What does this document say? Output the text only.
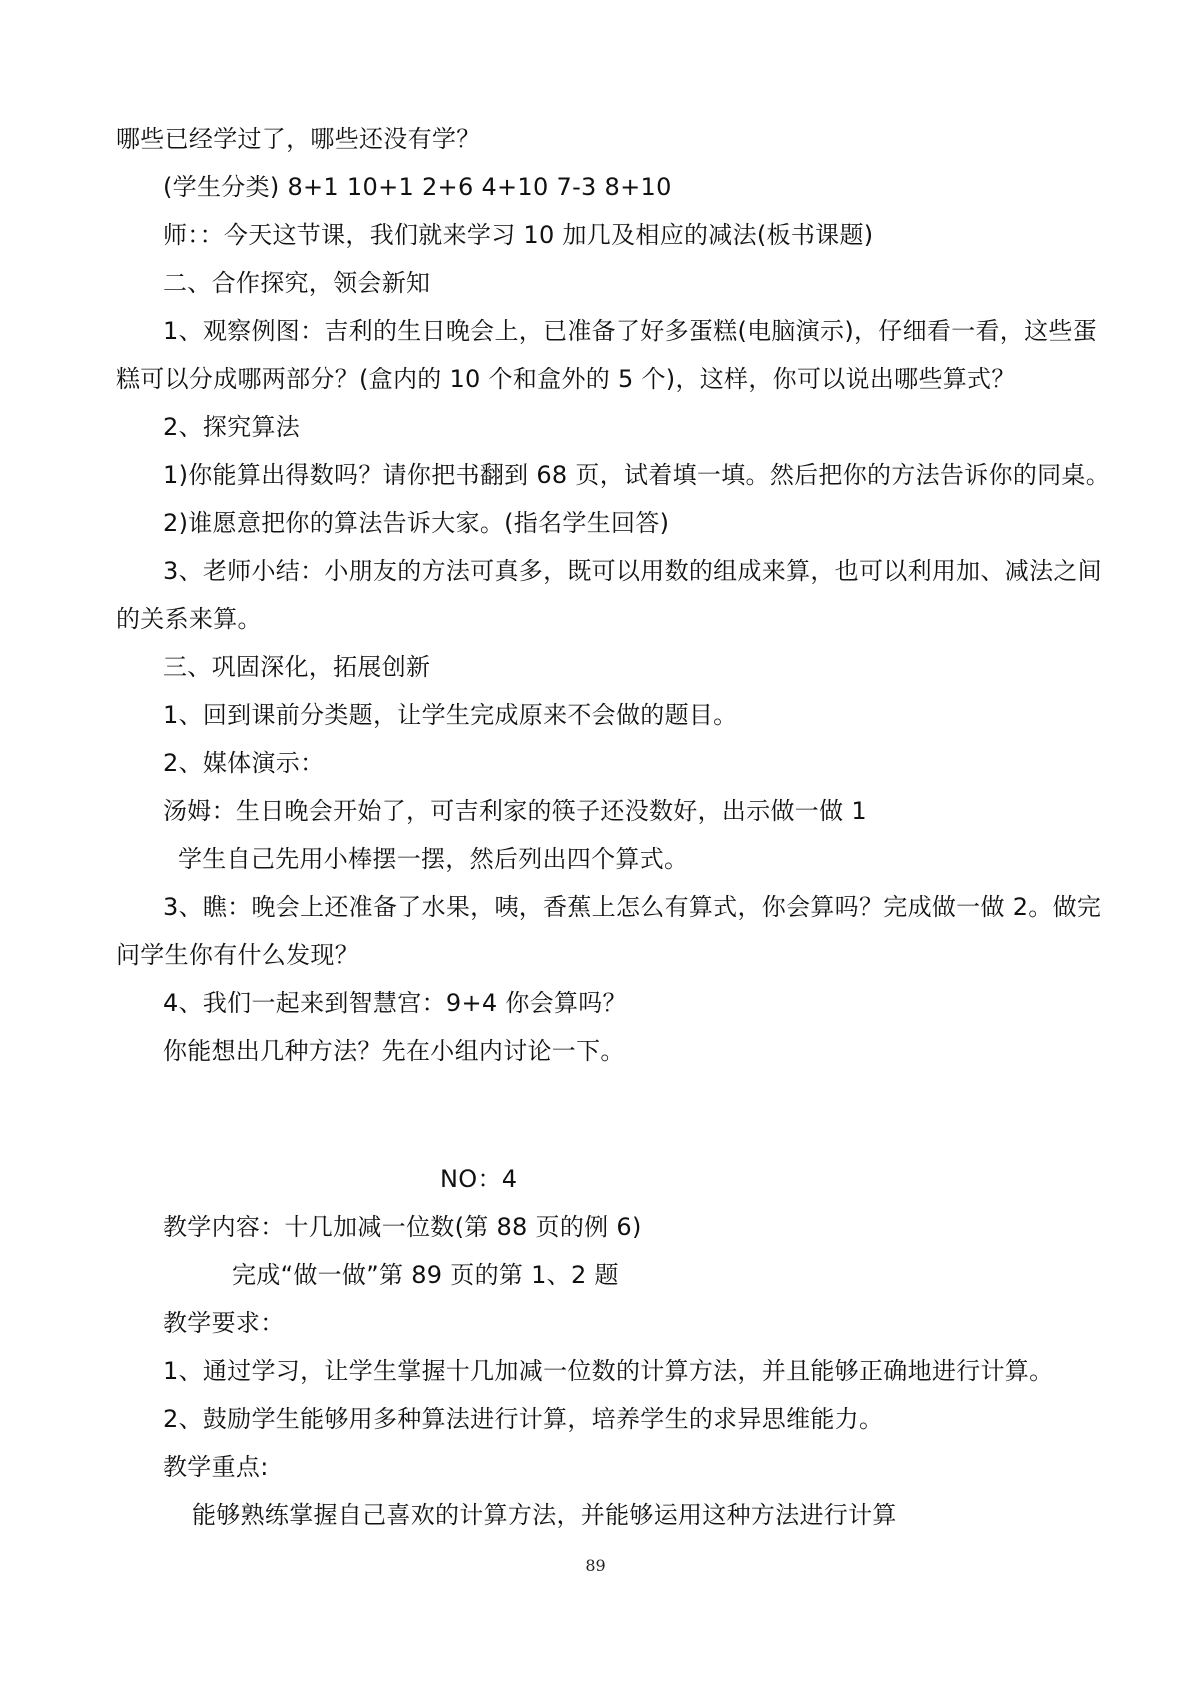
哪些已经学过了，哪些还没有学？
(学生分类) 8+1 10+1 2+6 4+10 7-3 8+10
师：：今天这节课，我们就来学习 10 加几及相应的减法(板书课题)
二、合作探究，领会新知
1、观察例图：吉利的生日晚会上，已准备了好多蛋糕(电脑演示)，仔细看一看，这些蛋
糕可以分成哪两部分？(盒内的 10 个和盒外的 5 个)，这样，你可以说出哪些算式？
2、探究算法
1)你能算出得数吗？请你把书翻到 68 页，试着填一填。然后把你的方法告诉你的同桌。
2)谁愿意把你的算法告诉大家。(指名学生回答)
3、老师小结：小朋友的方法可真多，既可以用数的组成来算，也可以利用加、减法之间
的关系来算。
三、巩固深化，拓展创新
1、回到课前分类题，让学生完成原来不会做的题目。
2、媒体演示：
汤姆：生日晚会开始了，可吉利家的筷子还没数好，出示做一做 1
学生自己先用小棒摆一摆，然后列出四个算式。
3、瞧：晚会上还准备了水果，咦，香蕉上怎么有算式，你会算吗？完成做一做 2。做完
问学生你有什么发现？
4、我们一起来到智慧宫：9+4 你会算吗？
你能想出几种方法？先在小组内讨论一下。
NO：4
教学内容：十几加减一位数(第 88 页的例 6)
完成“做一做”第 89 页的第 1、2 题
教学要求：
1、通过学习，让学生掌握十几加减一位数的计算方法，并且能够正确地进行计算。
2、鼓励学生能够用多种算法进行计算，培养学生的求异思维能力。
教学重点:
能够熟练掌握自己喜欢的计算方法，并能够运用这种方法进行计算
89
